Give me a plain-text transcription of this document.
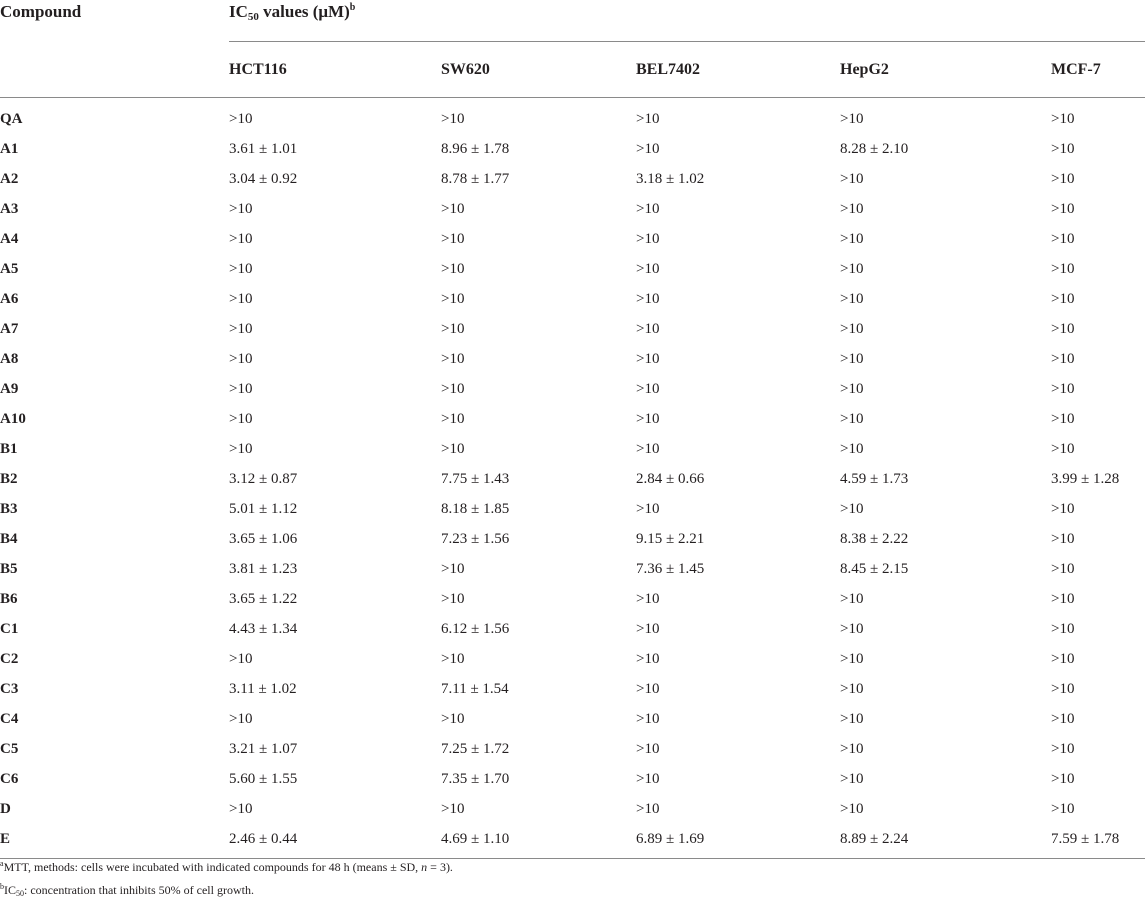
Compound	$IC_{50}$ values $(\mu M)^b$
	HCT116	SW620	BEL7402	HepG2	MCF-7
QA	>10	>10	>10	>10	>10
A1	3.61 ± 1.01	8.96 ± 1.78	>10	8.28 ± 2.10	>10
A2	3.04 ± 0.92	8.78 ± 1.77	3.18 ± 1.02	>10	>10
A3	>10	>10	>10	>10	>10
A4	>10	>10	>10	>10	>10
A5	>10	>10	>10	>10	>10
A6	>10	>10	>10	>10	>10
A7	>10	>10	>10	>10	>10
A8	>10	>10	>10	>10	>10
A9	>10	>10	>10	>10	>10
A10	>10	>10	>10	>10	>10
B1	>10	>10	>10	>10	>10
B2	3.12 ± 0.87	7.75 ± 1.43	2.84 ± 0.66	4.59 ± 1.73	3.99 ± 1.28
B3	5.01 ± 1.12	8.18 ± 1.85	>10	>10	>10
B4	3.65 ± 1.06	7.23 ± 1.56	9.15 ± 2.21	8.38 ± 2.22	>10
B5	3.81 ± 1.23	>10	7.36 ± 1.45	8.45 ± 2.15	>10
B6	3.65 ± 1.22	>10	>10	>10	>10
C1	4.43 ± 1.34	6.12 ± 1.56	>10	>10	>10
C2	>10	>10	>10	>10	>10
C3	3.11 ± 1.02	7.11 ± 1.54	>10	>10	>10
C4	>10	>10	>10	>10	>10
C5	3.21 ± 1.07	7.25 ± 1.72	>10	>10	>10
C6	5.60 ± 1.55	7.35 ± 1.70	>10	>10	>10
D	>10	>10	>10	>10	>10
E	2.46 ± 0.44	4.69 ± 1.10	6.89 ± 1.69	8.89 ± 2.24	7.59 ± 1.78
$^a$MTT, methods: cells were incubated with indicated compounds for 48 h (means ± SD, n = 3).
$^b$IC50: concentration that inhibits 50% of cell growth.
